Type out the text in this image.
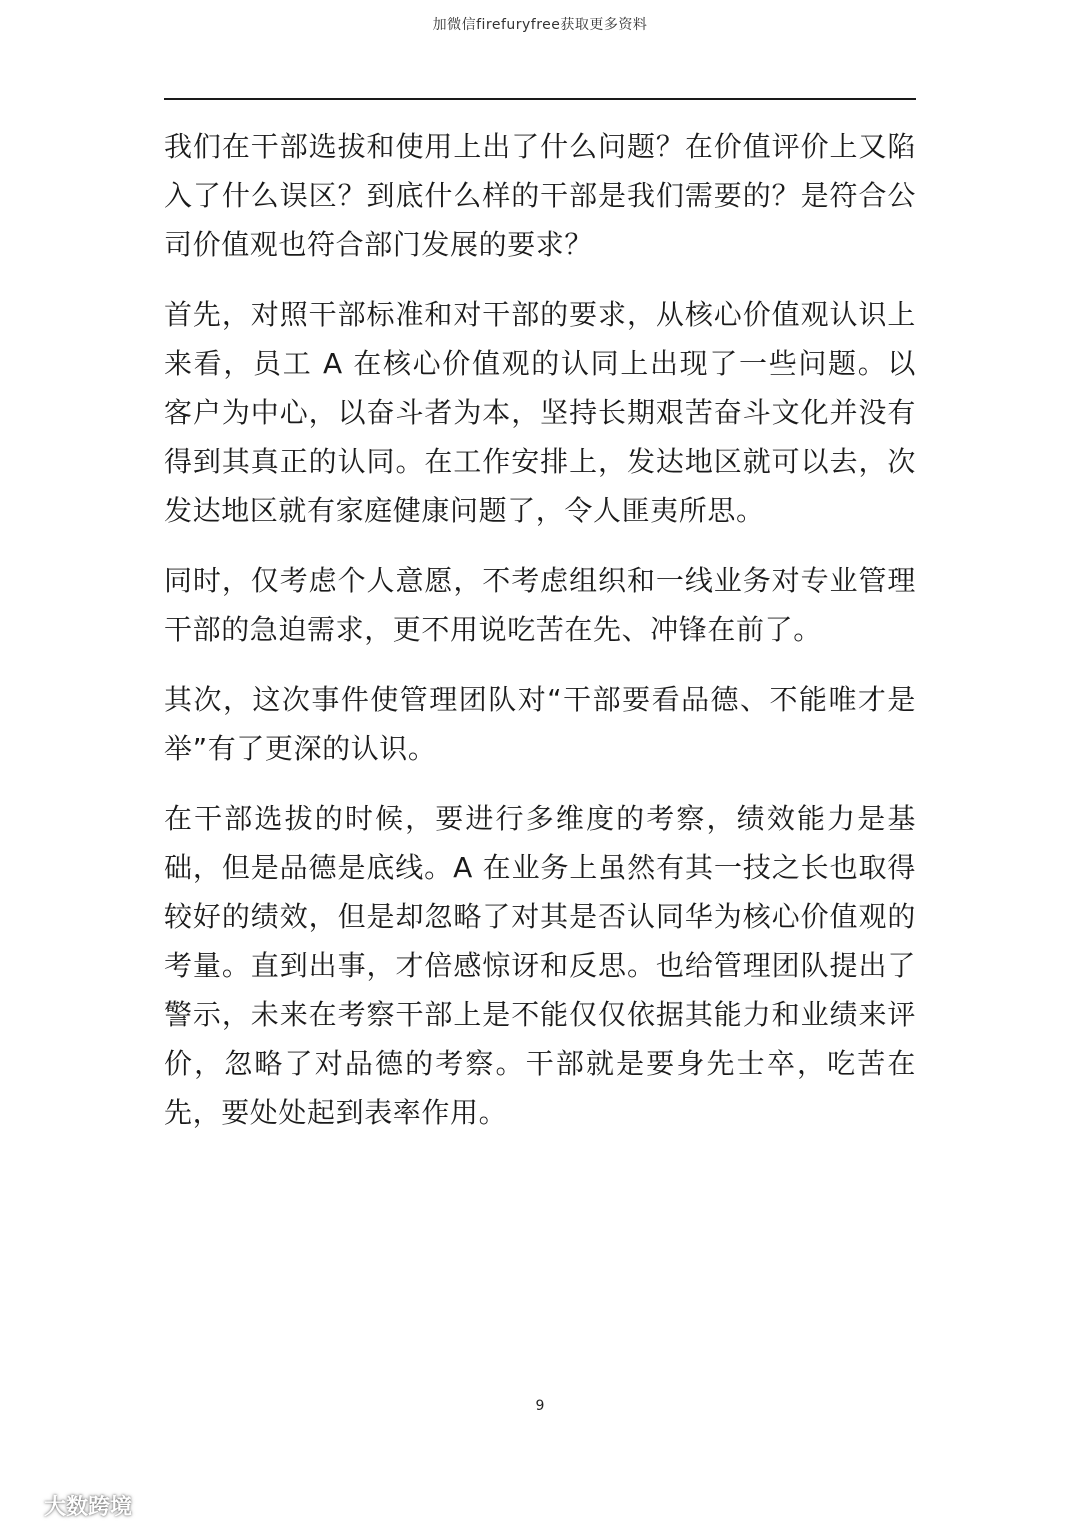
加微信firefuryfree获取更多资料

我们在干部选拔和使用上出了什么问题？在价值评价上又陷入了什么误区？到底什么样的干部是我们需要的？是符合公司价值观也符合部门发展的要求？

首先，对照干部标准和对干部的要求，从核心价值观认识上来看，员工 A 在核心价值观的认同上出现了一些问题。以客户为中心，以奋斗者为本，坚持长期艰苦奋斗文化并没有得到其真正的认同。在工作安排上，发达地区就可以去，次发达地区就有家庭健康问题了，令人匪夷所思。

同时，仅考虑个人意愿，不考虑组织和一线业务对专业管理干部的急迫需求，更不用说吃苦在先、冲锋在前了。

其次，这次事件使管理团队对“干部要看品德、不能唯才是举”有了更深的认识。

在干部选拔的时候，要进行多维度的考察，绩效能力是基础，但是品德是底线。A 在业务上虽然有其一技之长也取得较好的绩效，但是却忽略了对其是否认同华为核心价值观的考量。直到出事，才倍感惊讶和反思。也给管理团队提出了警示，未来在考察干部上是不能仅仅依据其能力和业绩来评价，忽略了对品德的考察。干部就是要身先士卒，吃苦在先，要处处起到表率作用。

9
大数跨境
